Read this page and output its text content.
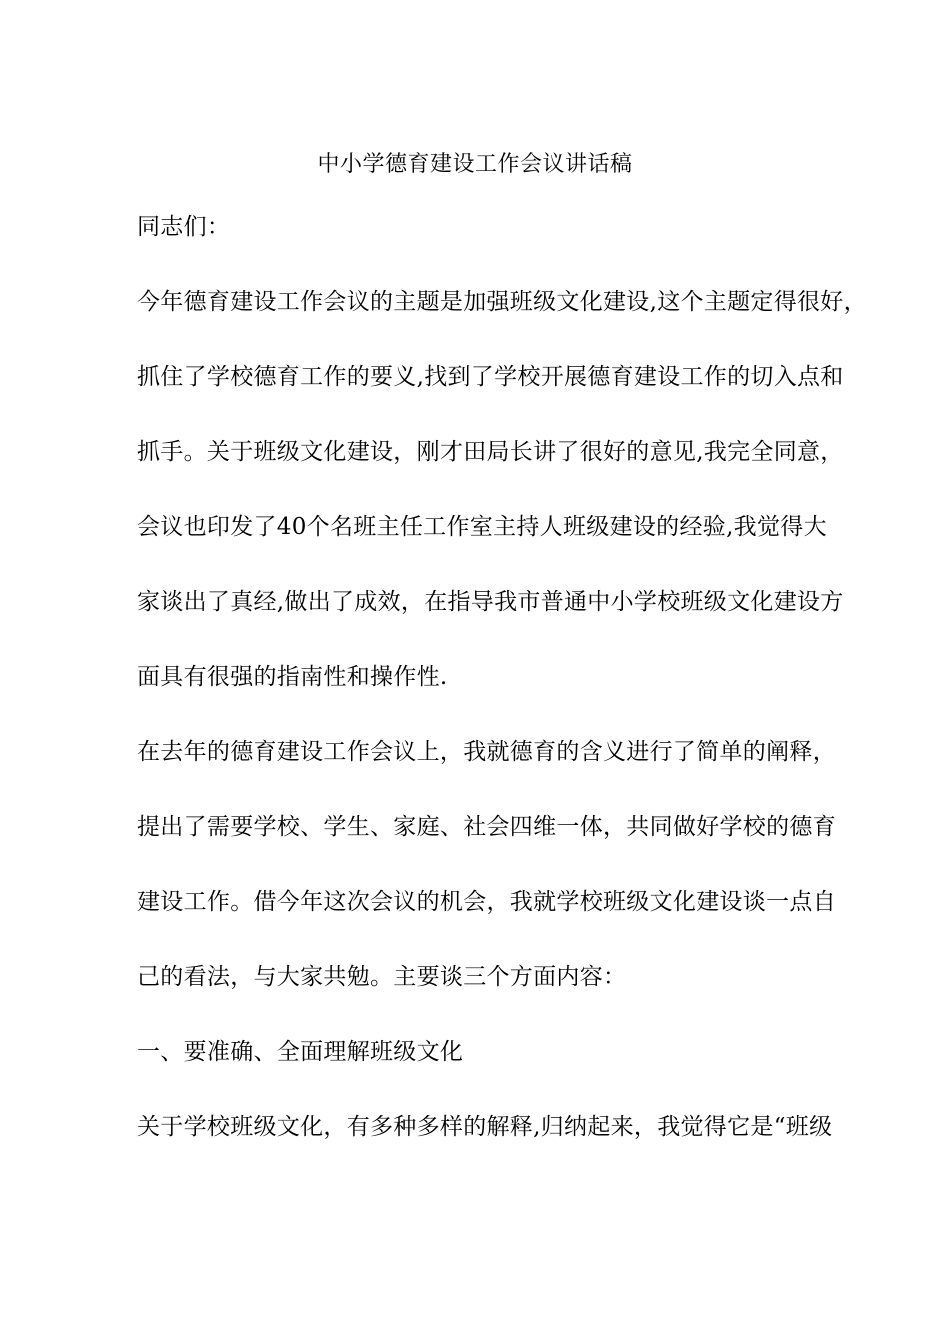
中小学德育建设工作会议讲话稿
同志们：
今年德育建设工作会议的主题是加强班级文化建设,这个主题定得很好，
抓住了学校德育工作的要义,找到了学校开展德育建设工作的切入点和
抓手。关于班级文化建设，刚才田局长讲了很好的意见,我完全同意，
会议也印发了40个名班主任工作室主持人班级建设的经验,我觉得大
家谈出了真经,做出了成效，在指导我市普通中小学校班级文化建设方
面具有很强的指南性和操作性.
在去年的德育建设工作会议上，我就德育的含义进行了简单的阐释，
提出了需要学校、学生、家庭、社会四维一体，共同做好学校的德育
建设工作。借今年这次会议的机会，我就学校班级文化建设谈一点自
己的看法，与大家共勉。主要谈三个方面内容：
一、要准确、全面理解班级文化
关于学校班级文化，有多种多样的解释,归纳起来，我觉得它是“班级
